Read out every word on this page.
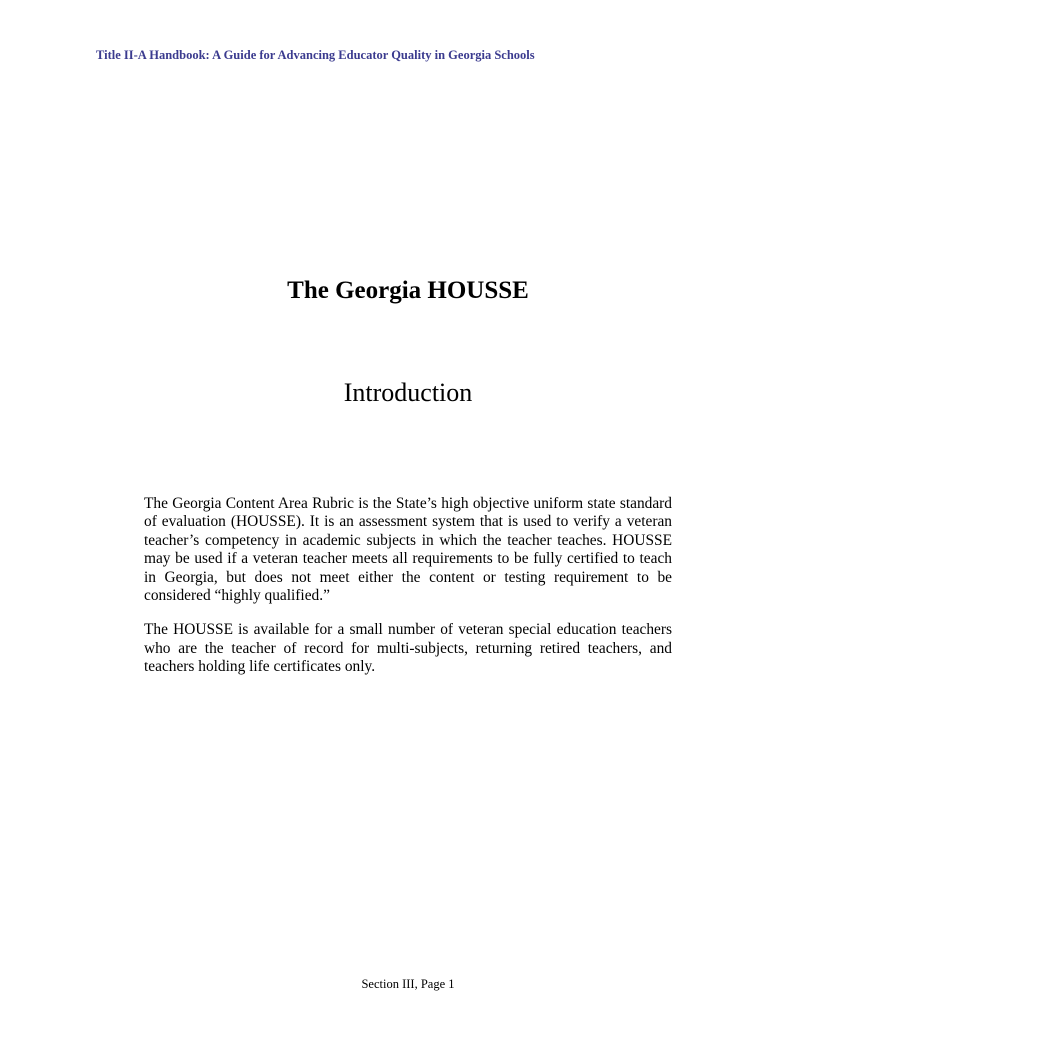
Title II-A Handbook: A Guide for Advancing Educator Quality in Georgia Schools
The Georgia HOUSSE
Introduction

The Georgia Content Area Rubric is the State’s high objective uniform state standard of evaluation (HOUSSE). It is an assessment system that is used to verify a veteran teacher’s competency in academic subjects in which the teacher teaches. HOUSSE may be used if a veteran teacher meets all requirements to be fully certified to teach in Georgia, but does not meet either the content or testing requirement to be considered “highly qualified.”

The HOUSSE is available for a small number of veteran special education teachers who are the teacher of record for multi-subjects, returning retired teachers, and teachers holding life certificates only.

Section III, Page 1
